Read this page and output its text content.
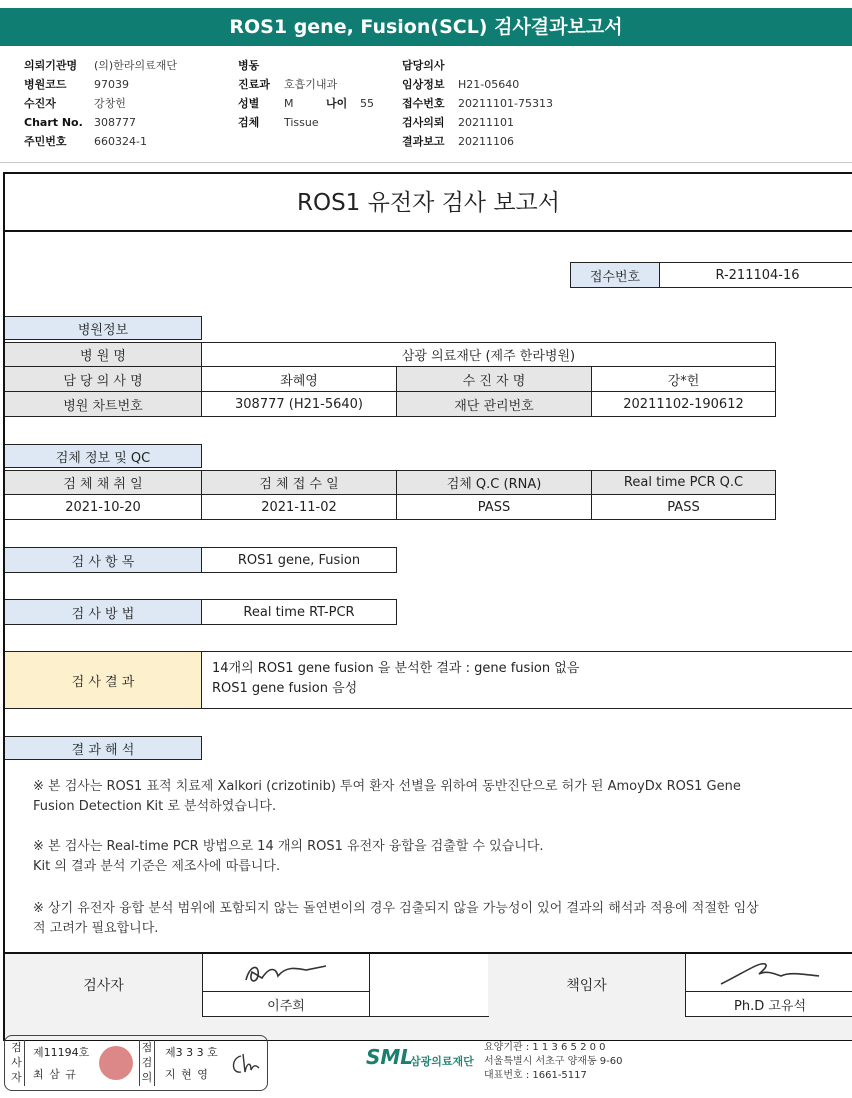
ROS1 gene, Fusion(SCL) 검사결과보고서
의뢰기관명 (의)한라의료재단
병원코드 97039
수진자	강창헌
Chart No. 308777
주민번호 660324-1
병동
진료과 호흡기내과
성별 M	나이 55
검체 Tissue
담당의사
임상정보 H21-05640
접수번호 20211101-75313
검사의뢰 20211101
결과보고 20211106
ROS1 유전자 검사 보고서
접수번호	R-211104-16
병원정보
병 원 명	삼광 의료재단 (제주 한라병원)
담 당 의 사 명	좌혜영	수 진 자 명	강*헌
병원 차트번호	308777 (H21-5640)	재단 관리번호	20211102-190612
검체 정보 및 QC
검 체 채 취 일	검 체 접 수 일	검체 Q.C (RNA)	Real time PCR Q.C
2021-10-20	2021-11-02	PASS	PASS
검 사 항 목	ROS1 gene, Fusion
검 사 방 법	Real time RT-PCR
검 사 결 과
14개의 ROS1 gene fusion 을 분석한 결과 : gene fusion 없음
ROS1 gene fusion 음성
결 과 해 석
※ 본 검사는 ROS1 표적 치료제 Xalkori (crizotinib) 투여 환자 선별을 위하여 동반진단으로 허가 된 AmoyDx ROS1 Gene
Fusion Detection Kit 로 분석하였습니다.
※ 본 검사는 Real-time PCR 방법으로 14 개의 ROS1 유전자 융합을 검출할 수 있습니다.
Kit 의 결과 분석 기준은 제조사에 따릅니다.
※ 상기 유전자 융합 분석 범위에 포함되지 않는 돌연변이의 경우 검출되지 않을 가능성이 있어 결과의 해석과 적용에 적절한 임상
적 고려가 필요합니다.
검사자
이주희
책임자
Ph.D 고유석
검사자
제11194호
최 삼 규
점검의
제3 3 3 호
지 현 영
SML
삼광의료재단
요양기관 : 1 1 3 6 5 2 0 0
서울특별시 서초구 양재동 9-60
대표번호 : 1661-5117
